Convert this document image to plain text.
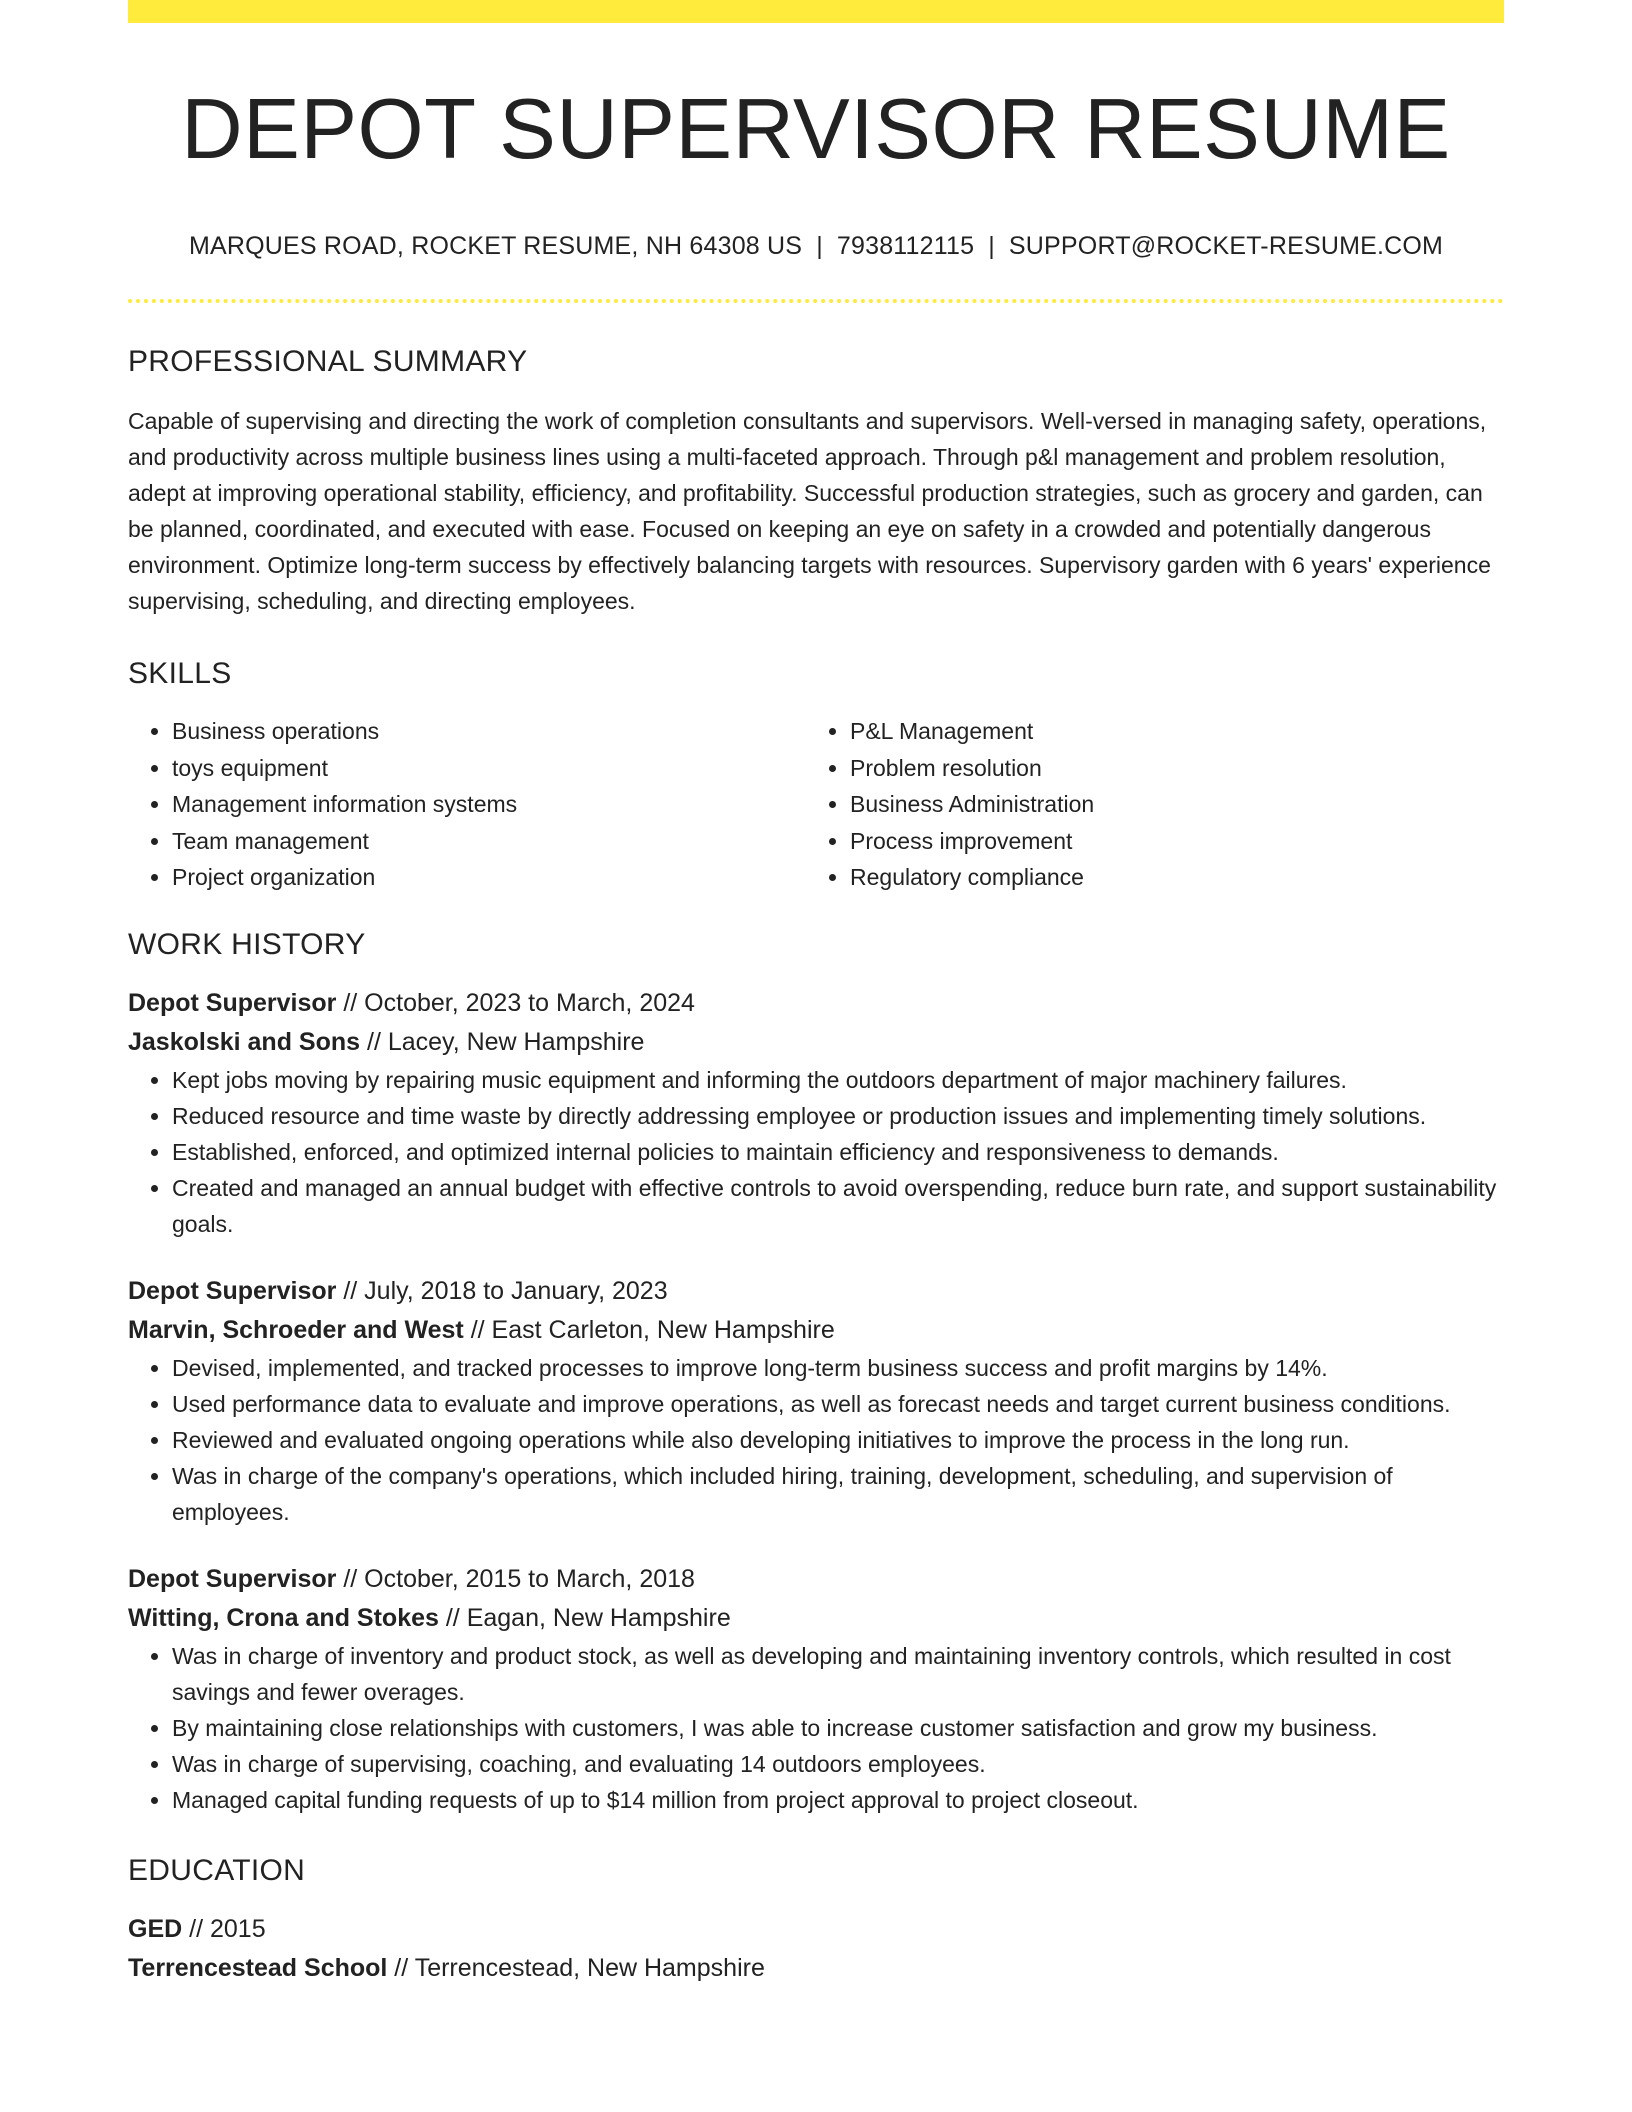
DEPOT SUPERVISOR RESUME
MARQUES ROAD, ROCKET RESUME, NH 64308 US | 7938112115 | SUPPORT@ROCKET-RESUME.COM
PROFESSIONAL SUMMARY

Capable of supervising and directing the work of completion consultants and supervisors. Well-versed in managing safety, operations, and productivity across multiple business lines using a multi-faceted approach. Through p&l management and problem resolution, adept at improving operational stability, efficiency, and profitability. Successful production strategies, such as grocery and garden, can be planned, coordinated, and executed with ease. Focused on keeping an eye on safety in a crowded and potentially dangerous environment. Optimize long-term success by effectively balancing targets with resources. Supervisory garden with 6 years' experience supervising, scheduling, and directing employees.

SKILLS
• Business operations
• toys equipment
• Management information systems
• Team management
• Project organization
• P&L Management
• Problem resolution
• Business Administration
• Process improvement
• Regulatory compliance
WORK HISTORY
Depot Supervisor // October, 2023 to March, 2024
Jaskolski and Sons // Lacey, New Hampshire
• Kept jobs moving by repairing music equipment and informing the outdoors department of major machinery failures.
• Reduced resource and time waste by directly addressing employee or production issues and implementing timely solutions.
• Established, enforced, and optimized internal policies to maintain efficiency and responsiveness to demands.
• Created and managed an annual budget with effective controls to avoid overspending, reduce burn rate, and support sustainability goals.
Depot Supervisor // July, 2018 to January, 2023
Marvin, Schroeder and West // East Carleton, New Hampshire
• Devised, implemented, and tracked processes to improve long-term business success and profit margins by 14%.
• Used performance data to evaluate and improve operations, as well as forecast needs and target current business conditions.
• Reviewed and evaluated ongoing operations while also developing initiatives to improve the process in the long run.
• Was in charge of the company's operations, which included hiring, training, development, scheduling, and supervision of employees.
Depot Supervisor // October, 2015 to March, 2018
Witting, Crona and Stokes // Eagan, New Hampshire
• Was in charge of inventory and product stock, as well as developing and maintaining inventory controls, which resulted in cost savings and fewer overages.
• By maintaining close relationships with customers, I was able to increase customer satisfaction and grow my business.
• Was in charge of supervising, coaching, and evaluating 14 outdoors employees.
• Managed capital funding requests of up to $14 million from project approval to project closeout.
EDUCATION
GED // 2015
Terrencestead School // Terrencestead, New Hampshire
